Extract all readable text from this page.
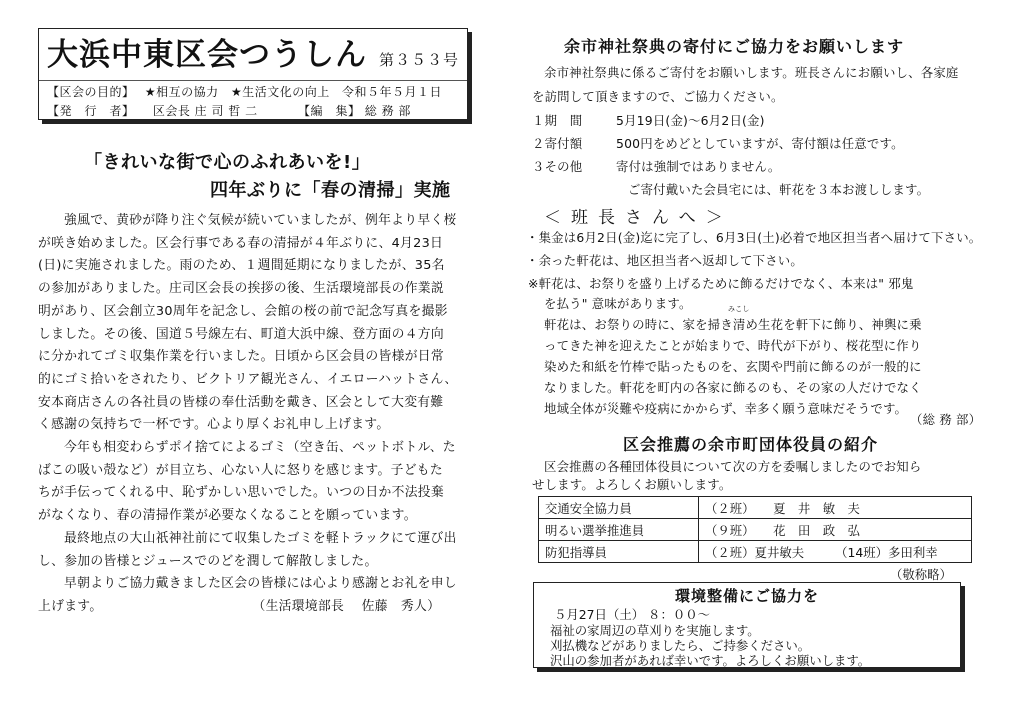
大浜中東区会つうしん 第３５３号
【区会の目的】 ★相互の協力 ★生活文化の向上 令和５年５月１日
【発　行　者】 区会長 庄 司 哲 二	【編　集】 総 務 部
「きれいな街で心のふれあいを!」
四年ぶりに「春の清掃」実施
強風で、黄砂が降り注ぐ気候が続いていましたが、例年より早く桜
が咲き始めました。区会行事である春の清掃が４年ぶりに、4月23日
(日)に実施されました。雨のため、１週間延期になりましたが、35名
の参加がありました。庄司区会長の挨拶の後、生活環境部長の作業説
明があり、区会創立30周年を記念し、会館の桜の前で記念写真を撮影
しました。その後、国道５号線左右、町道大浜中線、登方面の４方向
に分かれてゴミ収集作業を行いました。日頃から区会員の皆様が日常
的にゴミ拾いをされたり、ビクトリア観光さん、イエローハットさん、
安本商店さんの各社員の皆様の奉仕活動を戴き、区会として大変有難
く感謝の気持ちで一杯です。心より厚くお礼申し上げます。
今年も相変わらずポイ捨てによるゴミ（空き缶、ペットボトル、た
ばこの吸い殻など）が目立ち、心ない人に怒りを感じます。子どもた
ちが手伝ってくれる中、恥ずかしい思いでした。いつの日か不法投棄
がなくなり、春の清掃作業が必要なくなることを願っています。
最終地点の大山祇神社前にて収集したゴミを軽トラックにて運び出
し、参加の皆様とジュースでのどを潤して解散しました。
早朝よりご協力戴きました区会の皆様には心より感謝とお礼を申し
上げます。	（生活環境部長　 佐藤　秀人）
余市神社祭典の寄付にご協力をお願いします
余市神社祭典に係るご寄付をお願いします。班長さんにお願いし、各家庭
を訪問して頂きますので、ご協力ください。
１期　間	5月19日(金)～6月2日(金)
２寄付額	500円をめどとしていますが、寄付額は任意です。
３その他	寄付は強制ではありません。
ご寄付戴いた会員宅には、軒花を３本お渡しします。
＜班長さんへ＞
・集金は6月2日(金)迄に完了し、6月3日(土)必着で地区担当者へ届けて下さい。
・余った軒花は、地区担当者へ返却して下さい。
※軒花は、お祭りを盛り上げるために飾るだけでなく、本来は" 邪鬼
を払う" 意味があります。	みこし
軒花は、お祭りの時に、家を掃き清め生花を軒下に飾り、神輿に乗
ってきた神を迎えたことが始まりで、時代が下がり、桜花型に作り
染めた和紙を竹棒で貼ったものを、玄関や門前に飾るのが一般的に
なりました。軒花を町内の各家に飾るのも、その家の人だけでなく
地域全体が災難や疫病にかからず、幸多く願う意味だそうです。
（総 務 部）
区会推薦の余市町団体役員の紹介
区会推薦の各種団体役員について次の方を委嘱しましたのでお知ら
せします。よろしくお願いします。
交通安全協力員	（２班）　　夏　井　敏　夫
明るい選挙推進員	（９班）　　花　田　政　弘
防犯指導員	（２班）夏井敏夫　　　（14班）多田利幸
（敬称略）
環境整備にご協力を
５月27日（土） ８：００～
福祉の家周辺の草刈りを実施します。
刈払機などがありましたら、ご持参ください。
沢山の参加者があれば幸いです。よろしくお願いします。
